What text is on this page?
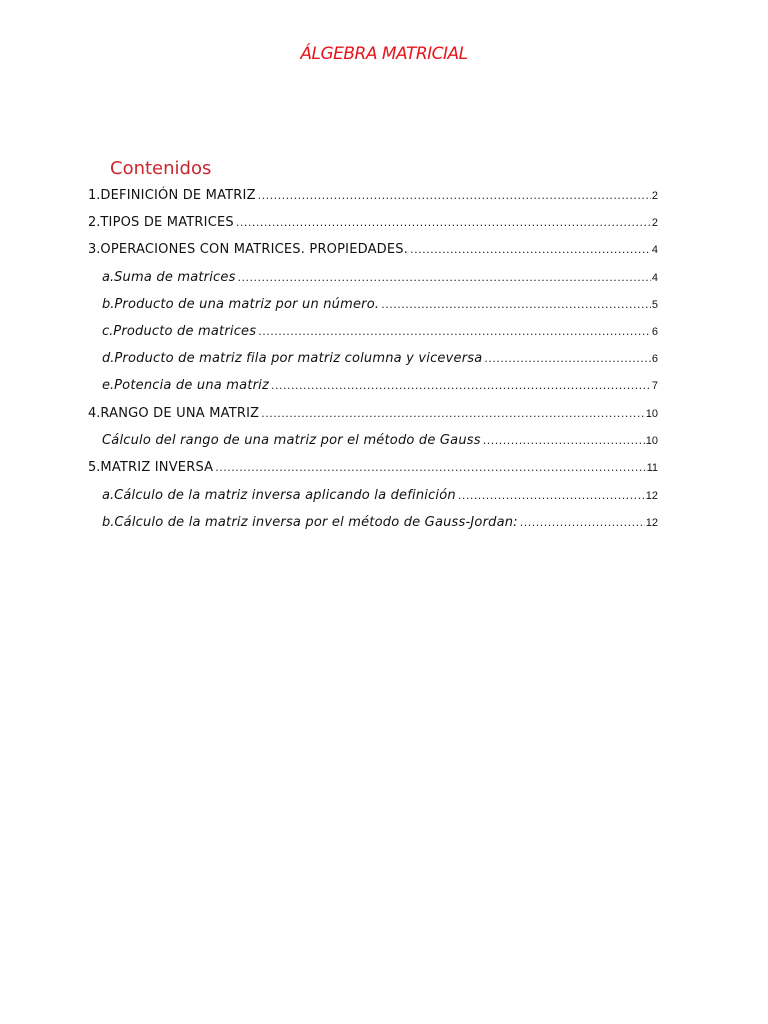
ÁLGEBRA MATRICIAL
Contenidos
1. DEFINICIÓN DE MATRIZ .....	2
2. TIPOS DE MATRICES .....	2
3. OPERACIONES CON MATRICES. PROPIEDADES. .....	4
a. Suma de matrices .....	4
b. Producto de una matriz por un número. .....	5
c. Producto de matrices .....	6
d. Producto de matriz fila por matriz columna y viceversa .....	6
e. Potencia de una matriz .....	7
4. RANGO DE UNA MATRIZ .....	10
Cálculo del rango de una matriz por el método de Gauss .....	10
5. MATRIZ INVERSA .....	11
a. Cálculo de la matriz inversa aplicando la definición .....	12
b. Cálculo de la matriz inversa por el método de Gauss-Jordan: .....	12
